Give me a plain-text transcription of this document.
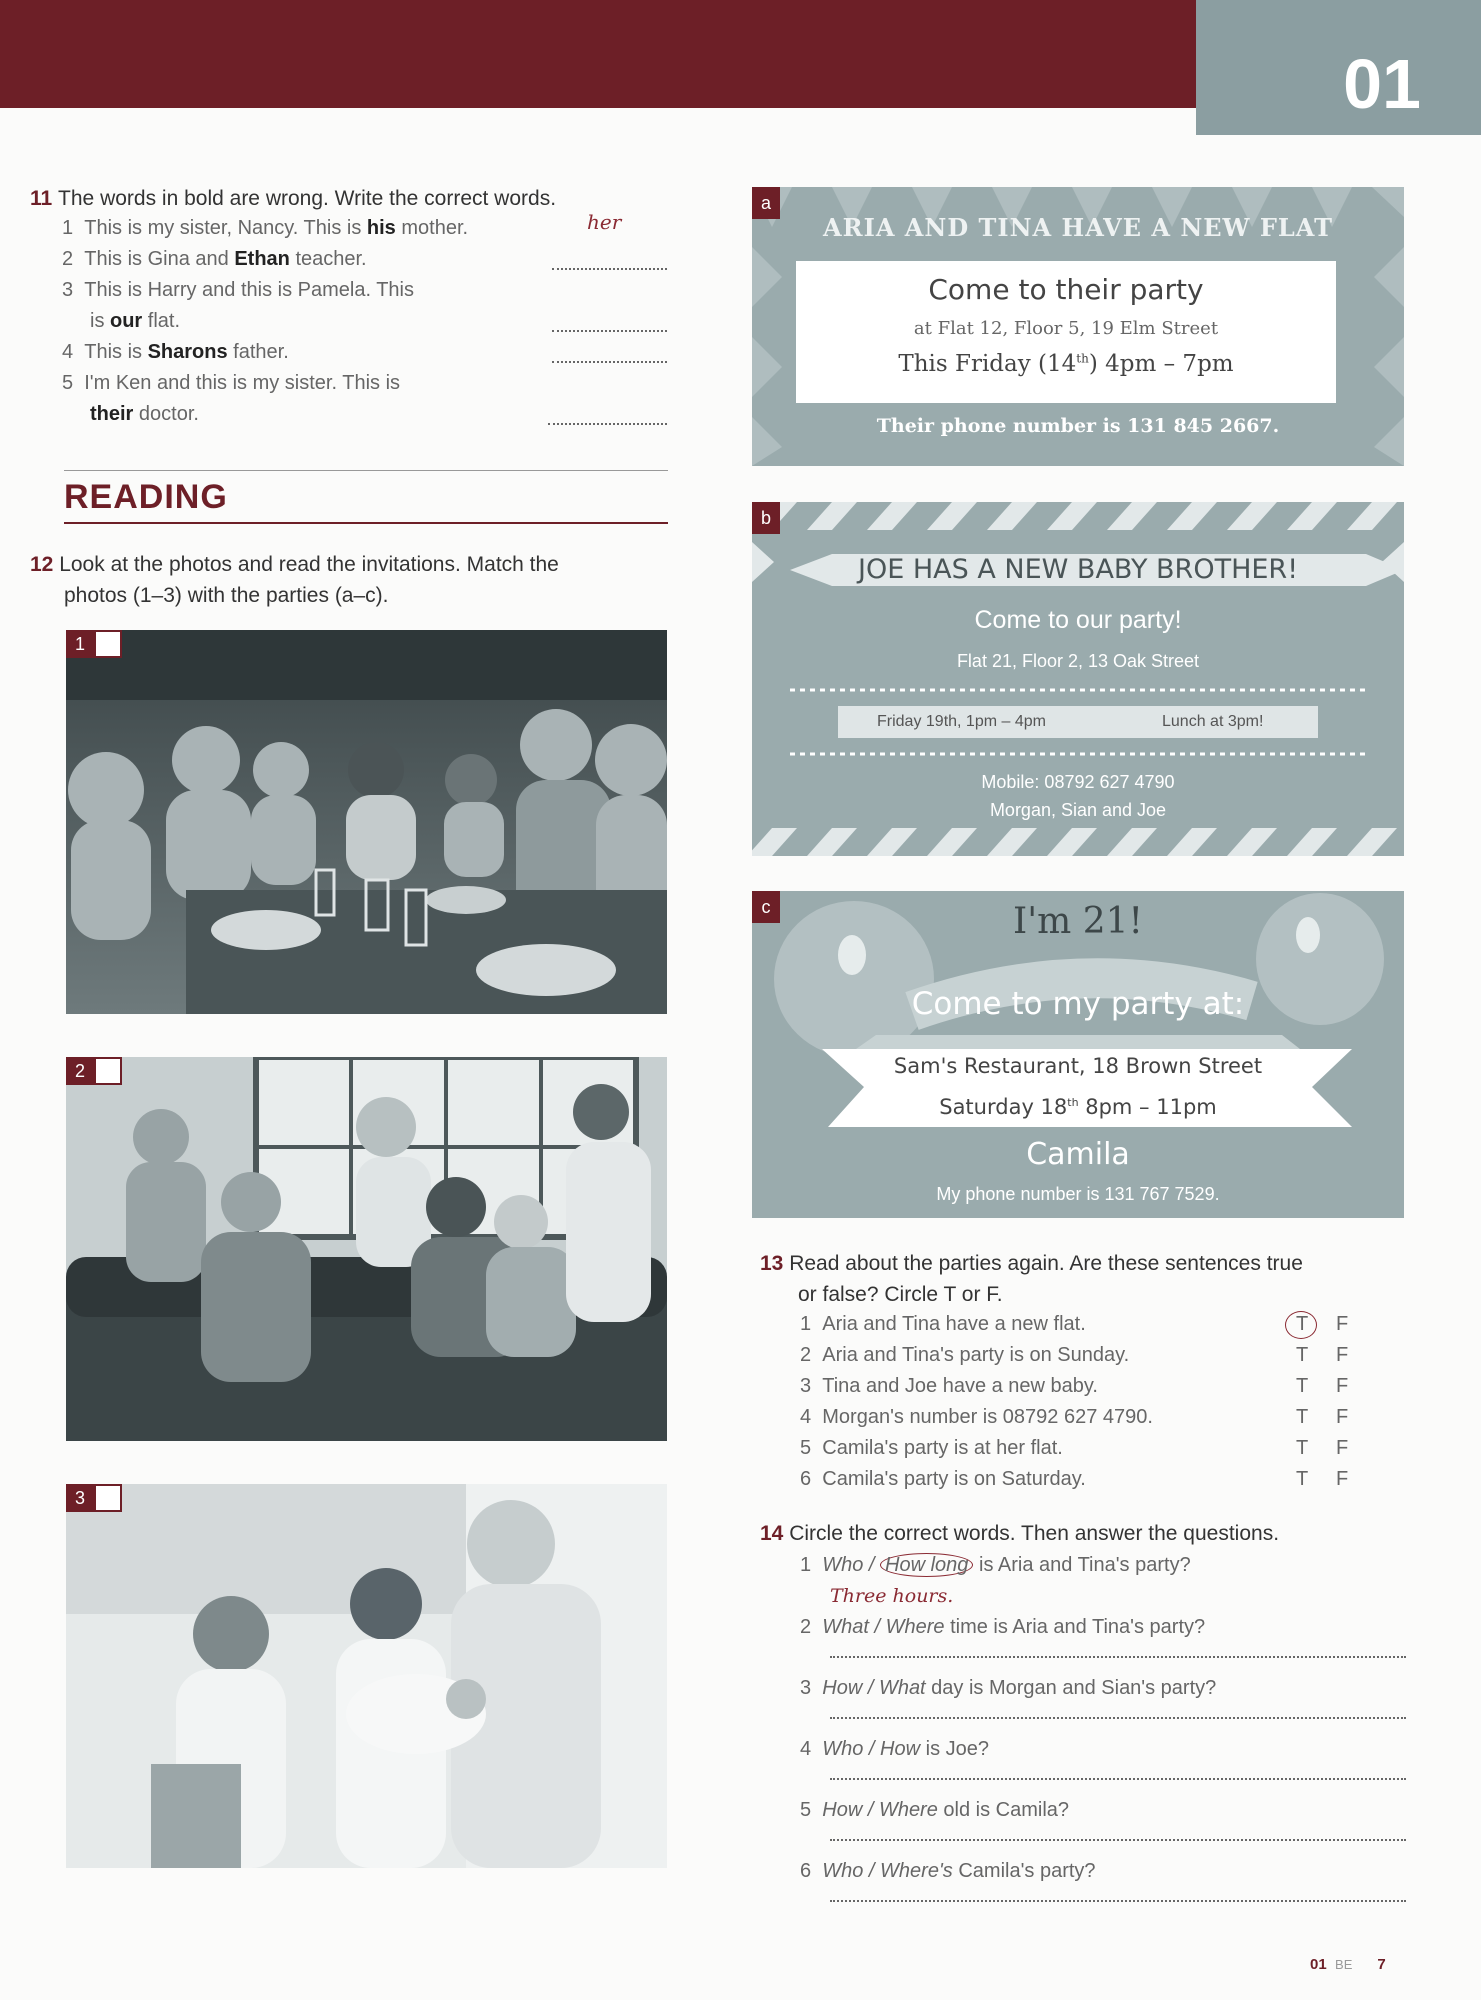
01
11 The words in bold are wrong. Write the correct words.
1 This is my sister, Nancy. This is his mother.	her
2 This is Gina and Ethan teacher.
3 This is Harry and this is Pamela. This
is our flat.
4 This is Sharons father.
5 I'm Ken and this is my sister. This is
their doctor.
READING
12 Look at the photos and read the invitations. Match the
photos (1–3) with the parties (a–c).
1
2
3
ARIA AND TINA HAVE A NEW FLAT
Come to their party
at Flat 12, Floor 5, 19 Elm Street
This Friday (14th) 4pm – 7pm
Their phone number is 131 845 2667.
a
JOE HAS A NEW BABY BROTHER!
Come to our party!
Flat 21, Floor 2, 13 Oak Street
Friday 19th, 1pm – 4pm	Lunch at 3pm!
Mobile: 08792 627 4790
Morgan, Sian and Joe
b
I'm 21!
Come to my party at:
Sam's Restaurant, 18 Brown Street
Saturday 18th 8pm – 11pm
Camila
My phone number is 131 767 7529.
c
13 Read about the parties again. Are these sentences true
or false? Circle T or F.
1 Aria and Tina have a new flat.	T F
2 Aria and Tina's party is on Sunday.	T F
3 Tina and Joe have a new baby.	T F
4 Morgan's number is 08792 627 4790.	T F
5 Camila's party is at her flat.	T F
6 Camila's party is on Saturday.	T F
14 Circle the correct words. Then answer the questions.
1 Who / How long is Aria and Tina's party?
Three hours.
2 What / Where time is Aria and Tina's party?
3 How / What day is Morgan and Sian's party?
4 Who / How is Joe?
5 How / Where old is Camila?
6 Who / Where's Camila's party?
01 BE 7
